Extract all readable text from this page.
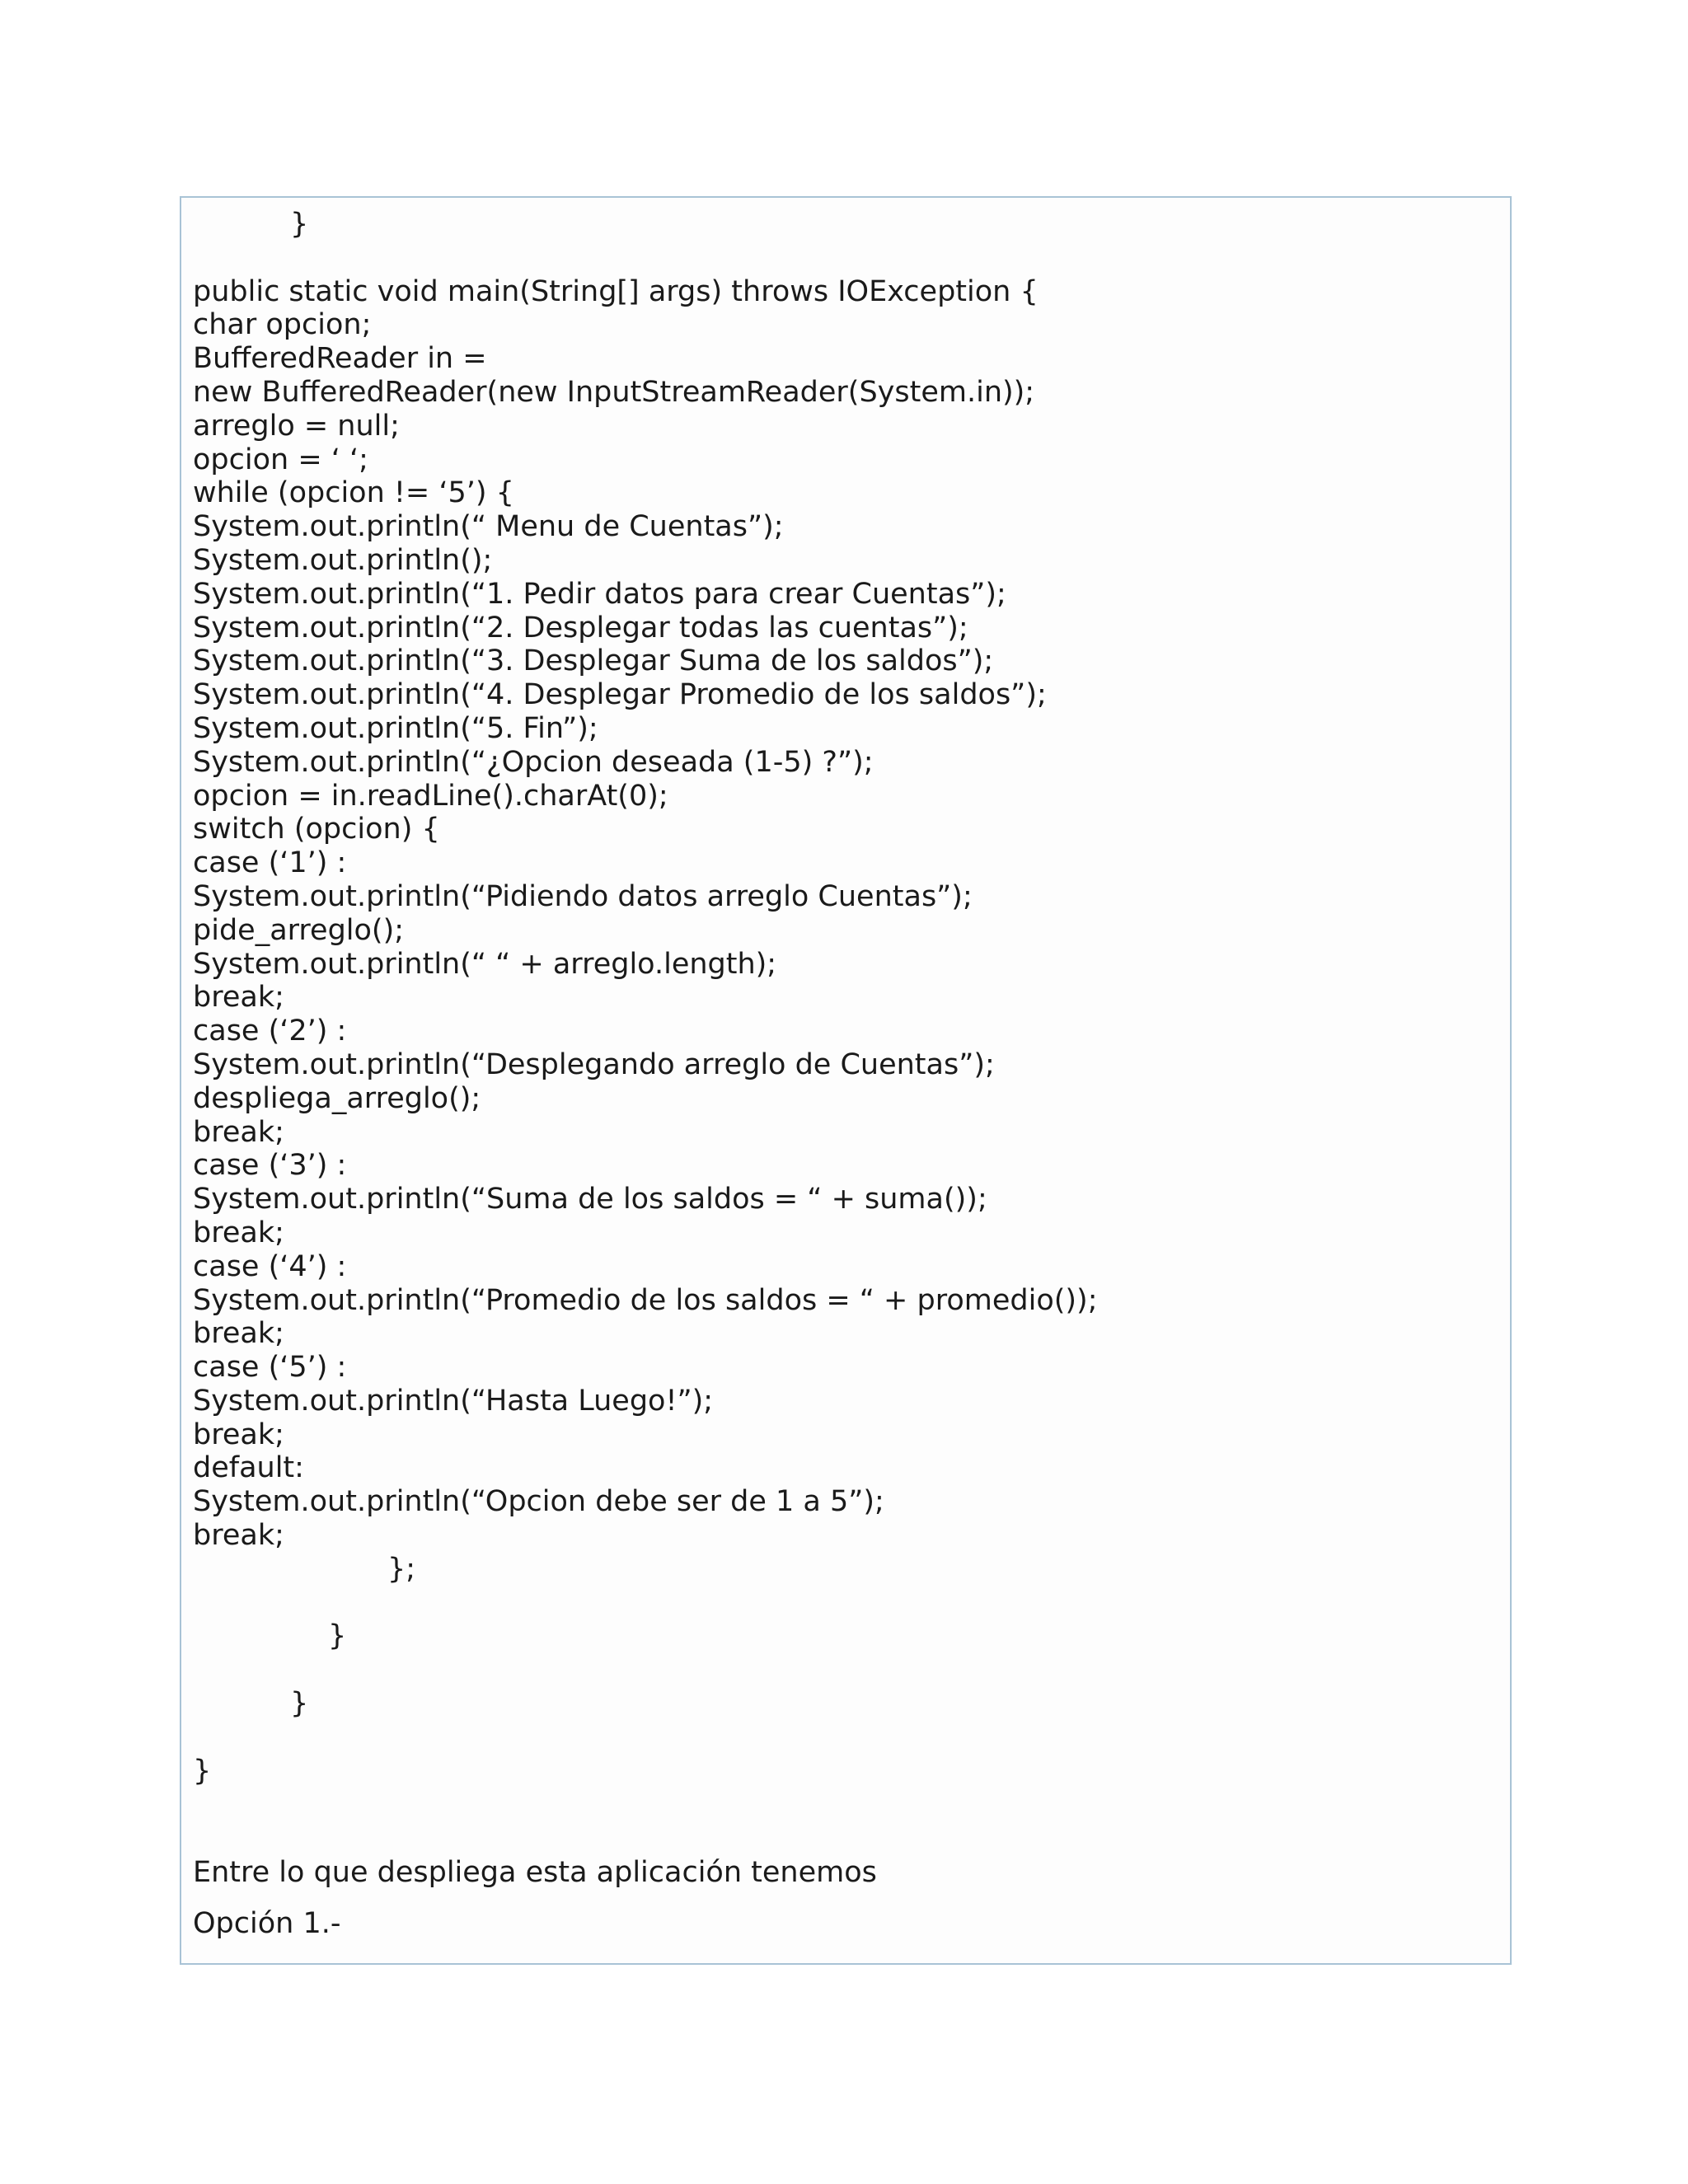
}
public static void main(String[] args) throws IOException {
char opcion;
BufferedReader in =
new BufferedReader(new InputStreamReader(System.in));
arreglo = null;
opcion = ‘ ‘;
while (opcion != ‘5’) {
System.out.println(“ Menu de Cuentas”);
System.out.println();
System.out.println(“1. Pedir datos para crear Cuentas”);
System.out.println(“2. Desplegar todas las cuentas”);
System.out.println(“3. Desplegar Suma de los saldos”);
System.out.println(“4. Desplegar Promedio de los saldos”);
System.out.println(“5. Fin”);
System.out.println(“¿Opcion deseada (1-5) ?”);
opcion = in.readLine().charAt(0);
switch (opcion) {
case (‘1’) :
System.out.println(“Pidiendo datos arreglo Cuentas”);
pide_arreglo();
System.out.println(“ “ + arreglo.length);
break;
case (‘2’) :
System.out.println(“Desplegando arreglo de Cuentas”);
despliega_arreglo();
break;
case (‘3’) :
System.out.println(“Suma de los saldos = “ + suma());
break;
case (‘4’) :
System.out.println(“Promedio de los saldos = “ + promedio());
break;
case (‘5’) :
System.out.println(“Hasta Luego!”);
break;
default:
System.out.println(“Opcion debe ser de 1 a 5”);
break;
};
}
}
}
Entre lo que despliega esta aplicación tenemos
Opción 1.-
